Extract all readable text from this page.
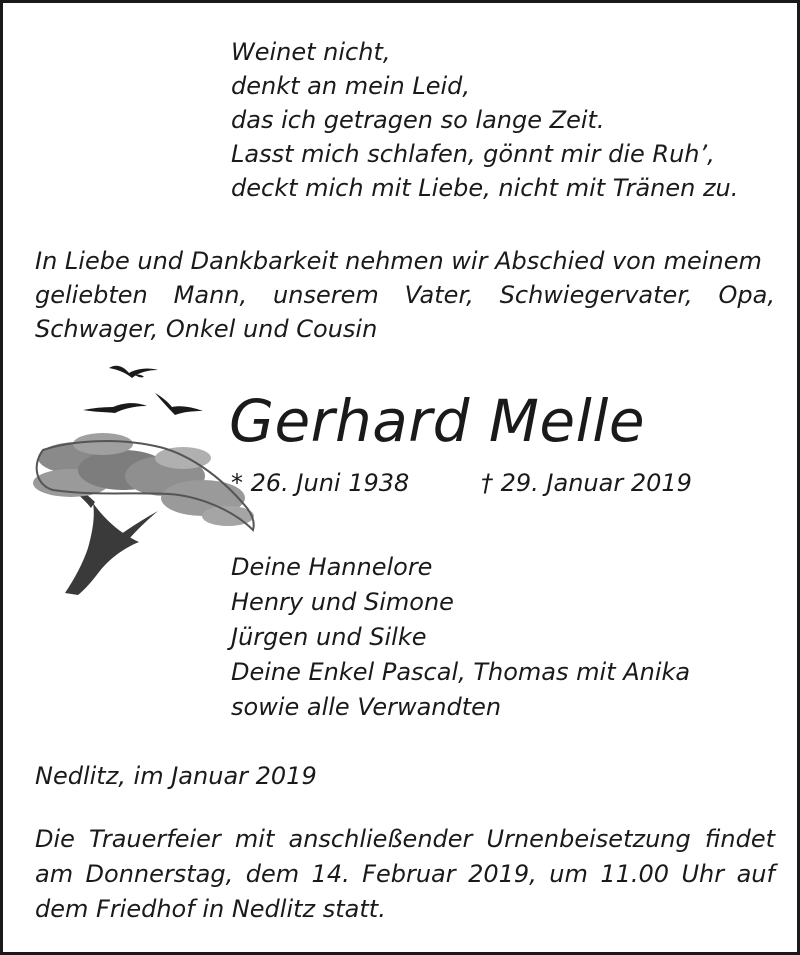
Weinet nicht,
denkt an mein Leid,
das ich getragen so lange Zeit.
Lasst mich schlafen, gönnt mir die Ruh’,
deckt mich mit Liebe, nicht mit Tränen zu.
In Liebe und Dankbarkeit nehmen wir Abschied von meinem
geliebten Mann, unserem Vater, Schwiegervater, Opa,
Schwager, Onkel und Cousin
Gerhard Melle
* 26. Juni 1938	† 29. Januar 2019
Deine Hannelore
Henry und Simone
Jürgen und Silke
Deine Enkel Pascal, Thomas mit Anika
sowie alle Verwandten
Nedlitz, im Januar 2019
Die Trauerfeier mit anschließender Urnenbeisetzung findet
am Donnerstag, dem 14. Februar 2019, um 11.00 Uhr auf
dem Friedhof in Nedlitz statt.
